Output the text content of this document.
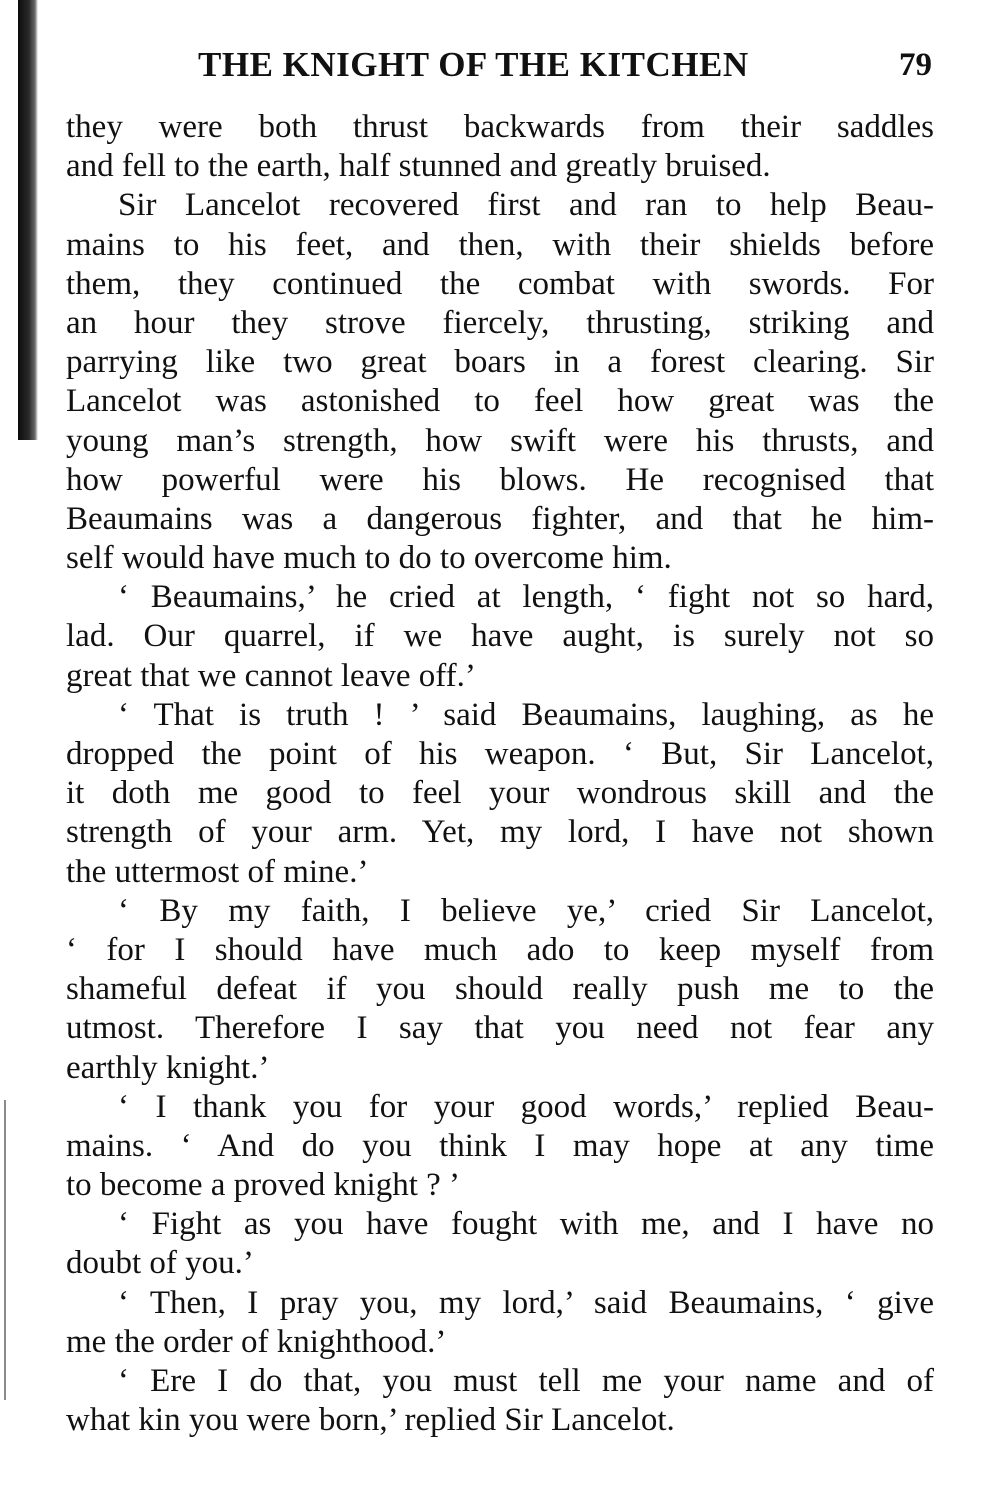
THE KNIGHT OF THE KITCHEN	79
they were both thrust backwards from their saddles
and fell to the earth, half stunned and greatly bruised.
Sir Lancelot recovered first and ran to help Beau-
mains to his feet, and then, with their shields before
them, they continued the combat with swords. For
an hour they strove fiercely, thrusting, striking and
parrying like two great boars in a forest clearing. Sir
Lancelot was astonished to feel how great was the
young man’s strength, how swift were his thrusts, and
how powerful were his blows. He recognised that
Beaumains was a dangerous fighter, and that he him-
self would have much to do to overcome him.
‘ Beaumains,’ he cried at length, ‘ fight not so hard,
lad. Our quarrel, if we have aught, is surely not so
great that we cannot leave off.’
‘ That is truth ! ’ said Beaumains, laughing, as he
dropped the point of his weapon. ‘ But, Sir Lancelot,
it doth me good to feel your wondrous skill and the
strength of your arm. Yet, my lord, I have not shown
the uttermost of mine.’
‘ By my faith, I believe ye,’ cried Sir Lancelot,
‘ for I should have much ado to keep myself from
shameful defeat if you should really push me to the
utmost. Therefore I say that you need not fear any
earthly knight.’
‘ I thank you for your good words,’ replied Beau-
mains. ‘ And do you think I may hope at any time
to become a proved knight ? ’
‘ Fight as you have fought with me, and I have no
doubt of you.’
‘ Then, I pray you, my lord,’ said Beaumains, ‘ give
me the order of knighthood.’
‘ Ere I do that, you must tell me your name and of
what kin you were born,’ replied Sir Lancelot.
